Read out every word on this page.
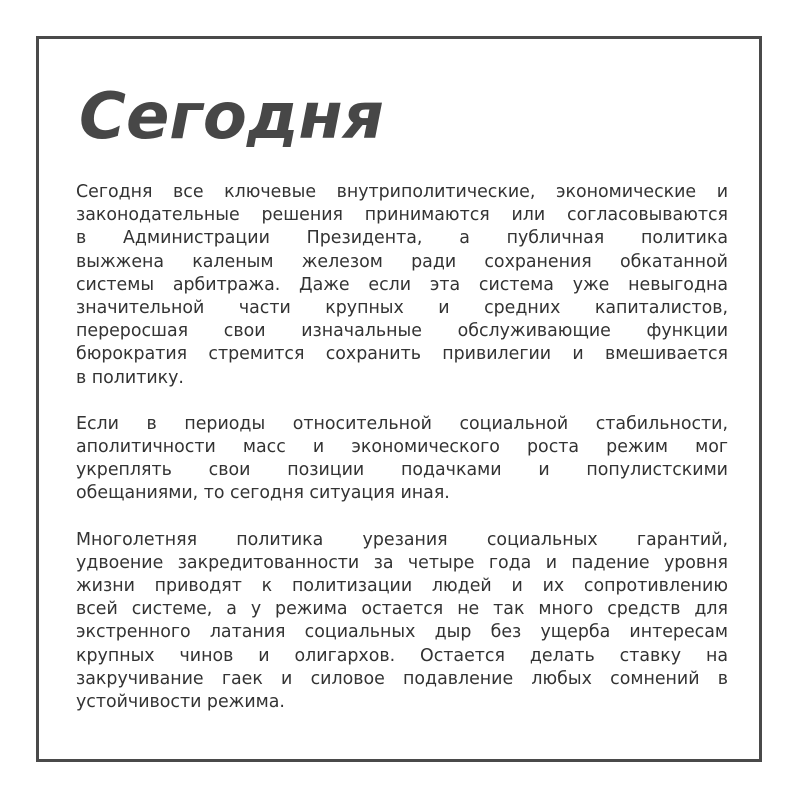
Сегодня

Сегодня все ключевые внутриполитические, экономические и
законодательные решения принимаются или согласовываются
в Администрации Президента, а публичная политика
выжжена каленым железом ради сохранения обкатанной
системы арбитража. Даже если эта система уже невыгодна
значительной части крупных и средних капиталистов,
переросшая свои изначальные обслуживающие функции
бюрократия стремится сохранить привилегии и вмешивается
в политику.

Если в периоды относительной социальной стабильности,
аполитичности масс и экономического роста режим мог
укреплять свои позиции подачками и популистскими
обещаниями, то сегодня ситуация иная.

Многолетняя политика урезания социальных гарантий,
удвоение закредитованности за четыре года и падение уровня
жизни приводят к политизации людей и их сопротивлению
всей системе, а у режима остается не так много средств для
экстренного латания социальных дыр без ущерба интересам
крупных чинов и олигархов. Остается делать ставку на
закручивание гаек и силовое подавление любых сомнений в
устойчивости режима.
